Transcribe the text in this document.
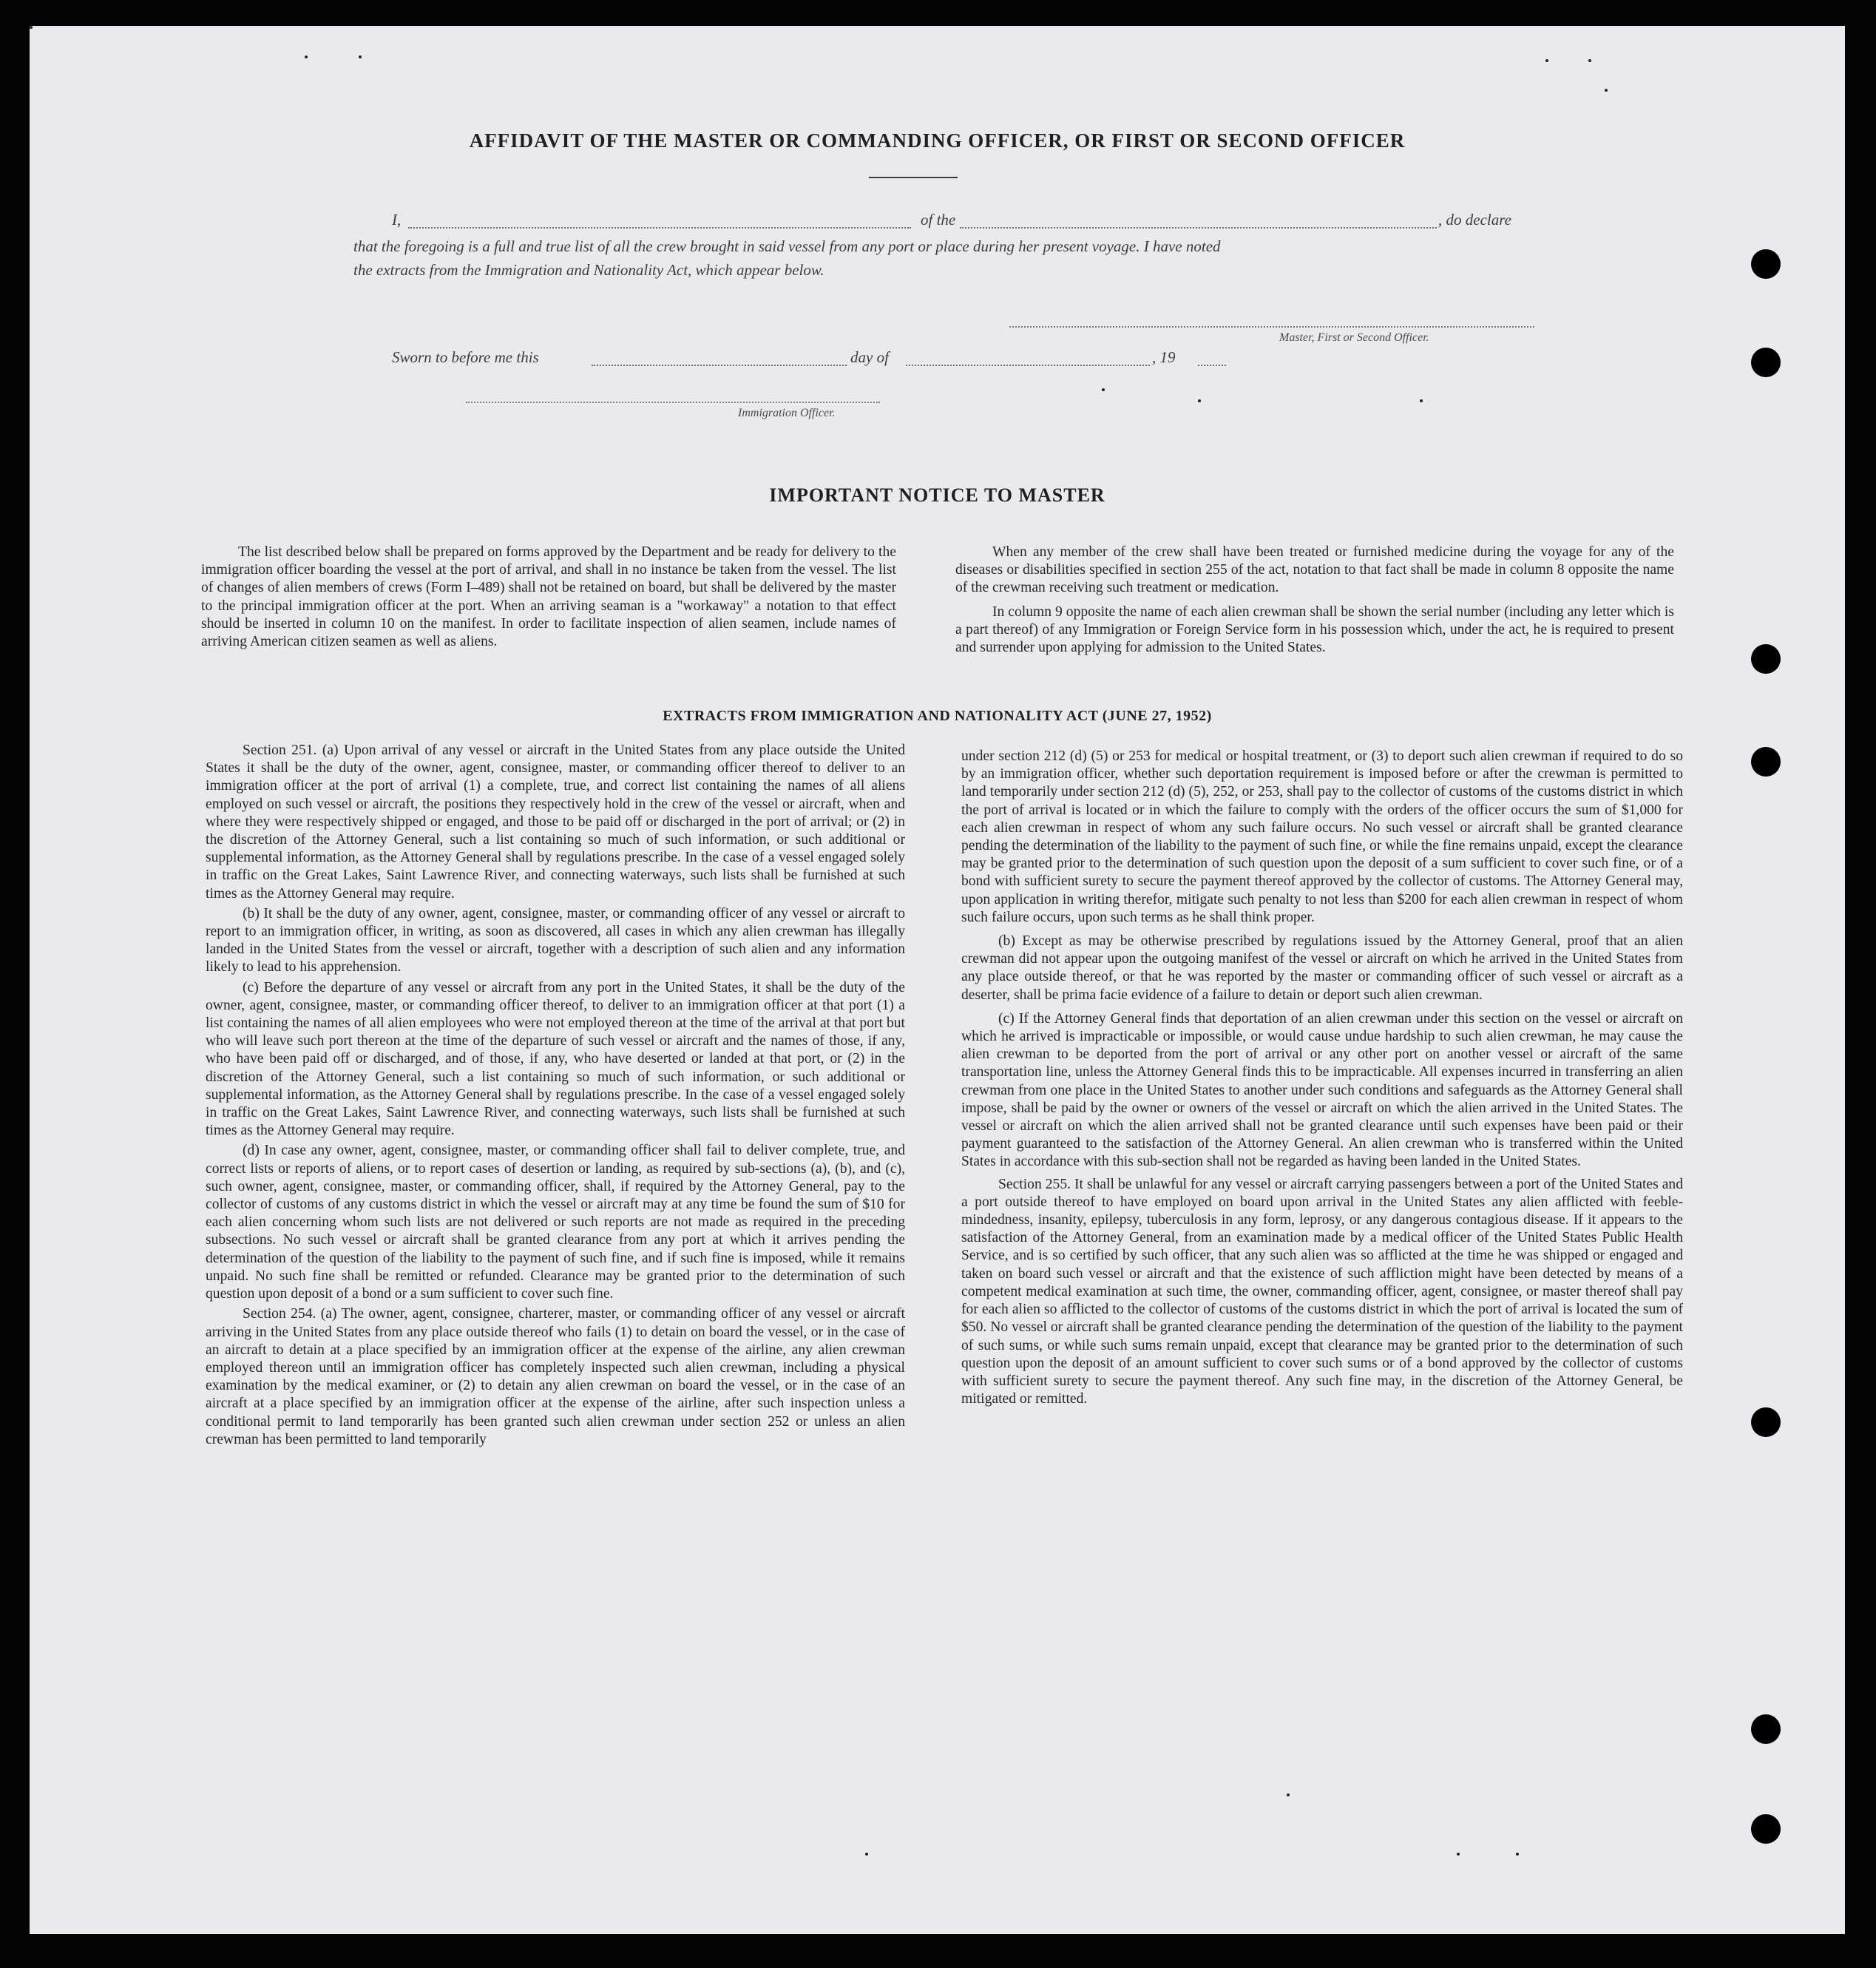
AFFIDAVIT OF THE MASTER OR COMMANDING OFFICER, OR FIRST OR SECOND OFFICER
I,	of the	, do declare
that the foregoing is a full and true list of all the crew brought in said vessel from any port or place during her present voyage. I have noted
the extracts from the Immigration and Nationality Act, which appear below.
Master, First or Second Officer.
Sworn to before me this	day of	, 19
Immigration Officer.
IMPORTANT NOTICE TO MASTER

The list described below shall be prepared on forms approved by the Department and be ready for delivery to the immigration officer boarding the vessel at the port of arrival, and shall in no instance be taken from the vessel. The list of changes of alien members of crews (Form I–489) shall not be retained on board, but shall be delivered by the master to the principal immigration officer at the port. When an arriving seaman is a "workaway" a notation to that effect should be inserted in column 10 on the manifest. In order to facilitate inspection of alien seamen, include names of arriving American citizen seamen as well as aliens.

When any member of the crew shall have been treated or furnished medicine during the voyage for any of the diseases or disabilities specified in section 255 of the act, notation to that fact shall be made in column 8 opposite the name of the crewman receiving such treatment or medication.

In column 9 opposite the name of each alien crewman shall be shown the serial number (including any letter which is a part thereof) of any Immigration or Foreign Service form in his possession which, under the act, he is required to present and surrender upon applying for admission to the United States.

EXTRACTS FROM IMMIGRATION AND NATIONALITY ACT (JUNE 27, 1952)

Section 251. (a) Upon arrival of any vessel or aircraft in the United States from any place outside the United States it shall be the duty of the owner, agent, consignee, master, or commanding officer thereof to deliver to an immigration officer at the port of arrival (1) a complete, true, and correct list containing the names of all aliens employed on such vessel or aircraft, the positions they respectively hold in the crew of the vessel or aircraft, when and where they were respectively shipped or engaged, and those to be paid off or discharged in the port of arrival; or (2) in the discretion of the Attorney General, such a list containing so much of such information, or such additional or supplemental information, as the Attorney General shall by regulations prescribe. In the case of a vessel engaged solely in traffic on the Great Lakes, Saint Lawrence River, and connecting waterways, such lists shall be furnished at such times as the Attorney General may require.

(b) It shall be the duty of any owner, agent, consignee, master, or commanding officer of any vessel or aircraft to report to an immigration officer, in writing, as soon as discovered, all cases in which any alien crewman has illegally landed in the United States from the vessel or aircraft, together with a description of such alien and any information likely to lead to his apprehension.

(c) Before the departure of any vessel or aircraft from any port in the United States, it shall be the duty of the owner, agent, consignee, master, or commanding officer thereof, to deliver to an immigration officer at that port (1) a list containing the names of all alien employees who were not employed thereon at the time of the arrival at that port but who will leave such port thereon at the time of the departure of such vessel or aircraft and the names of those, if any, who have been paid off or discharged, and of those, if any, who have deserted or landed at that port, or (2) in the discretion of the Attorney General, such a list containing so much of such information, or such additional or supplemental information, as the Attorney General shall by regulations prescribe. In the case of a vessel engaged solely in traffic on the Great Lakes, Saint Lawrence River, and connecting waterways, such lists shall be furnished at such times as the Attorney General may require.

(d) In case any owner, agent, consignee, master, or commanding officer shall fail to deliver complete, true, and correct lists or reports of aliens, or to report cases of desertion or landing, as required by sub-sections (a), (b), and (c), such owner, agent, consignee, master, or commanding officer, shall, if required by the Attorney General, pay to the collector of customs of any customs district in which the vessel or aircraft may at any time be found the sum of $10 for each alien concerning whom such lists are not delivered or such reports are not made as required in the preceding subsections. No such vessel or aircraft shall be granted clearance from any port at which it arrives pending the determination of the question of the liability to the payment of such fine, and if such fine is imposed, while it remains unpaid. No such fine shall be remitted or refunded. Clearance may be granted prior to the determination of such question upon deposit of a bond or a sum sufficient to cover such fine.

Section 254. (a) The owner, agent, consignee, charterer, master, or commanding officer of any vessel or aircraft arriving in the United States from any place outside thereof who fails (1) to detain on board the vessel, or in the case of an aircraft to detain at a place specified by an immigration officer at the expense of the airline, any alien crewman employed thereon until an immigration officer has completely inspected such alien crewman, including a physical examination by the medical examiner, or (2) to detain any alien crewman on board the vessel, or in the case of an aircraft at a place specified by an immigration officer at the expense of the airline, after such inspection unless a conditional permit to land temporarily has been granted such alien crewman under section 252 or unless an alien crewman has been permitted to land temporarily

under section 212 (d) (5) or 253 for medical or hospital treatment, or (3) to deport such alien crewman if required to do so by an immigration officer, whether such deportation requirement is imposed before or after the crewman is permitted to land temporarily under section 212 (d) (5), 252, or 253, shall pay to the collector of customs of the customs district in which the port of arrival is located or in which the failure to comply with the orders of the officer occurs the sum of $1,000 for each alien crewman in respect of whom any such failure occurs. No such vessel or aircraft shall be granted clearance pending the determination of the liability to the payment of such fine, or while the fine remains unpaid, except the clearance may be granted prior to the determination of such question upon the deposit of a sum sufficient to cover such fine, or of a bond with sufficient surety to secure the payment thereof approved by the collector of customs. The Attorney General may, upon application in writing therefor, mitigate such penalty to not less than $200 for each alien crewman in respect of whom such failure occurs, upon such terms as he shall think proper.

(b) Except as may be otherwise prescribed by regulations issued by the Attorney General, proof that an alien crewman did not appear upon the outgoing manifest of the vessel or aircraft on which he arrived in the United States from any place outside thereof, or that he was reported by the master or commanding officer of such vessel or aircraft as a deserter, shall be prima facie evidence of a failure to detain or deport such alien crewman.

(c) If the Attorney General finds that deportation of an alien crewman under this section on the vessel or aircraft on which he arrived is impracticable or impossible, or would cause undue hardship to such alien crewman, he may cause the alien crewman to be deported from the port of arrival or any other port on another vessel or aircraft of the same transportation line, unless the Attorney General finds this to be impracticable. All expenses incurred in transferring an alien crewman from one place in the United States to another under such conditions and safeguards as the Attorney General shall impose, shall be paid by the owner or owners of the vessel or aircraft on which the alien arrived in the United States. The vessel or aircraft on which the alien arrived shall not be granted clearance until such expenses have been paid or their payment guaranteed to the satisfaction of the Attorney General. An alien crewman who is transferred within the United States in accordance with this sub-section shall not be regarded as having been landed in the United States.

Section 255. It shall be unlawful for any vessel or aircraft carrying passengers between a port of the United States and a port outside thereof to have employed on board upon arrival in the United States any alien afflicted with feeble-mindedness, insanity, epilepsy, tuberculosis in any form, leprosy, or any dangerous contagious disease. If it appears to the satisfaction of the Attorney General, from an examination made by a medical officer of the United States Public Health Service, and is so certified by such officer, that any such alien was so afflicted at the time he was shipped or engaged and taken on board such vessel or aircraft and that the existence of such affliction might have been detected by means of a competent medical examination at such time, the owner, commanding officer, agent, consignee, or master thereof shall pay for each alien so afflicted to the collector of customs of the customs district in which the port of arrival is located the sum of $50. No vessel or aircraft shall be granted clearance pending the determination of the question of the liability to the payment of such sums, or while such sums remain unpaid, except that clearance may be granted prior to the determination of such question upon the deposit of an amount sufficient to cover such sums or of a bond approved by the collector of customs with sufficient surety to secure the payment thereof. Any such fine may, in the discretion of the Attorney General, be mitigated or remitted.
